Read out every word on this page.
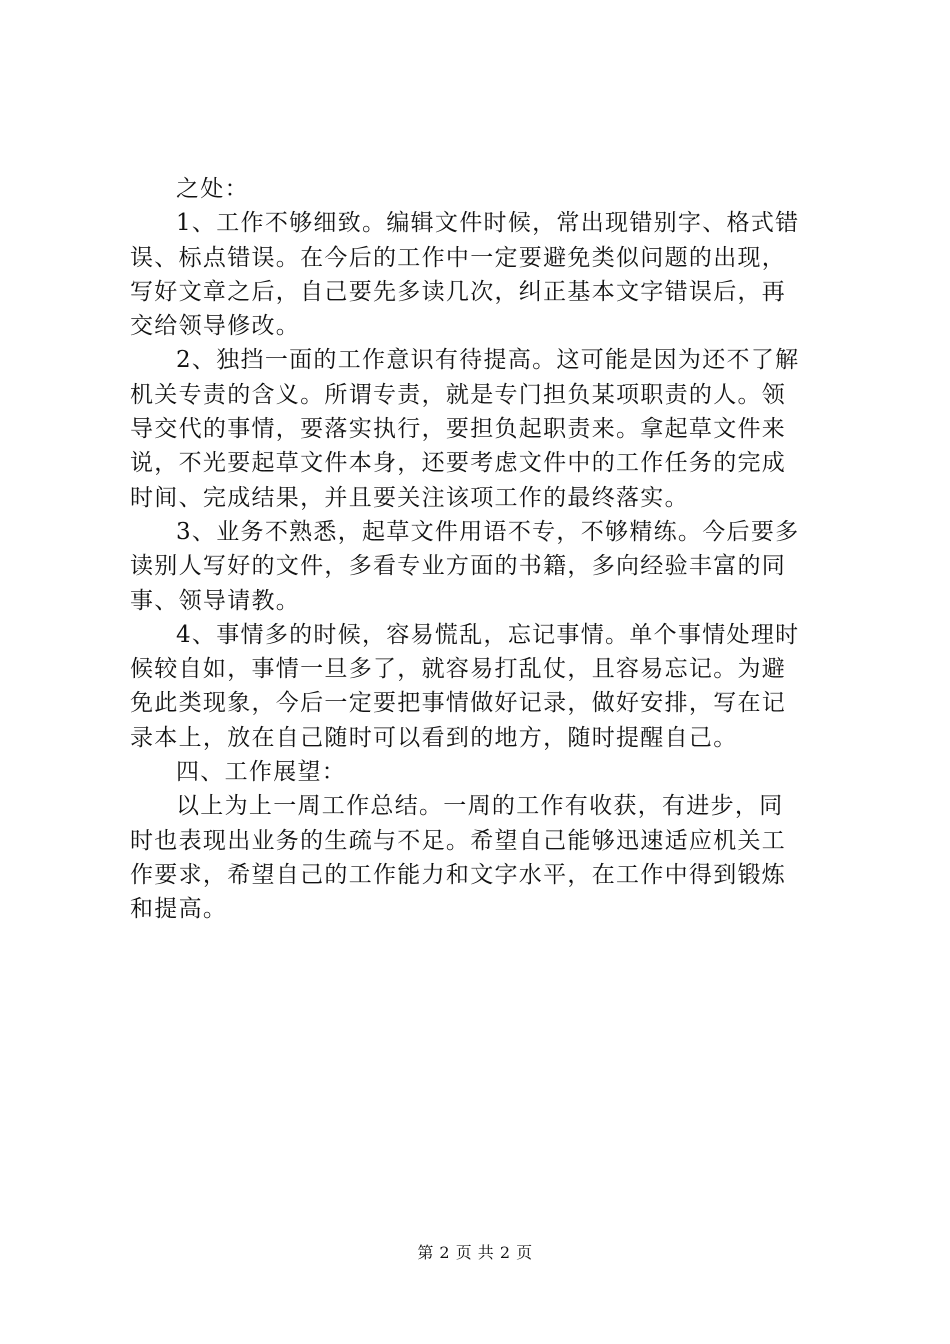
之处：
1、工作不够细致。编辑文件时候，常出现错别字、格式错
误、标点错误。在今后的工作中一定要避免类似问题的出现，
写好文章之后，自己要先多读几次，纠正基本文字错误后，再
交给领导修改。
2、独挡一面的工作意识有待提高。这可能是因为还不了解
机关专责的含义。所谓专责，就是专门担负某项职责的人。领
导交代的事情，要落实执行，要担负起职责来。拿起草文件来
说，不光要起草文件本身，还要考虑文件中的工作任务的完成
时间、完成结果，并且要关注该项工作的最终落实。
3、业务不熟悉，起草文件用语不专，不够精练。今后要多
读别人写好的文件，多看专业方面的书籍，多向经验丰富的同
事、领导请教。
4、事情多的时候，容易慌乱，忘记事情。单个事情处理时
候较自如，事情一旦多了，就容易打乱仗，且容易忘记。为避
免此类现象，今后一定要把事情做好记录，做好安排，写在记
录本上，放在自己随时可以看到的地方，随时提醒自己。
四、工作展望：
以上为上一周工作总结。一周的工作有收获，有进步，同
时也表现出业务的生疏与不足。希望自己能够迅速适应机关工
作要求，希望自己的工作能力和文字水平，在工作中得到锻炼
和提高。
第 2 页 共 2 页
